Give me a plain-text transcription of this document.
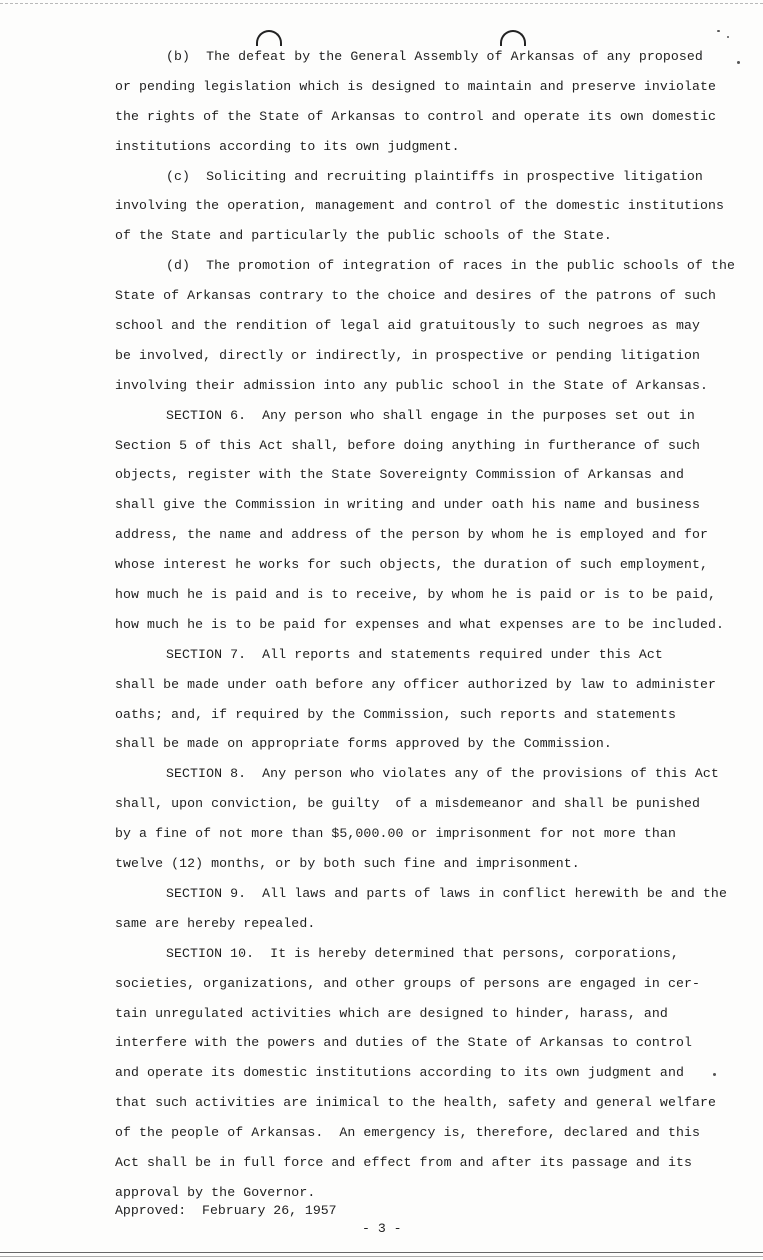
(b)  The defeat by the General Assembly of Arkansas of any proposed

or pending legislation which is designed to maintain and preserve inviolate

the rights of the State of Arkansas to control and operate its own domestic

institutions according to its own judgment.

(c)  Soliciting and recruiting plaintiffs in prospective litigation

involving the operation, management and control of the domestic institutions

of the State and particularly the public schools of the State.

(d)  The promotion of integration of races in the public schools of the

State of Arkansas contrary to the choice and desires of the patrons of such

school and the rendition of legal aid gratuitously to such negroes as may

be involved, directly or indirectly, in prospective or pending litigation

involving their admission into any public school in the State of Arkansas.

SECTION 6.  Any person who shall engage in the purposes set out in

Section 5 of this Act shall, before doing anything in furtherance of such

objects, register with the State Sovereignty Commission of Arkansas and

shall give the Commission in writing and under oath his name and business

address, the name and address of the person by whom he is employed and for

whose interest he works for such objects, the duration of such employment,

how much he is paid and is to receive, by whom he is paid or is to be paid,

how much he is to be paid for expenses and what expenses are to be included.

SECTION 7.  All reports and statements required under this Act

shall be made under oath before any officer authorized by law to administer

oaths; and, if required by the Commission, such reports and statements

shall be made on appropriate forms approved by the Commission.

SECTION 8.  Any person who violates any of the provisions of this Act

shall, upon conviction, be guilty  of a misdemeanor and shall be punished

by a fine of not more than $5,000.00 or imprisonment for not more than

twelve (12) months, or by both such fine and imprisonment.

SECTION 9.  All laws and parts of laws in conflict herewith be and the

same are hereby repealed.

SECTION 10.  It is hereby determined that persons, corporations,

societies, organizations, and other groups of persons are engaged in cer-

tain unregulated activities which are designed to hinder, harass, and

interfere with the powers and duties of the State of Arkansas to control

and operate its domestic institutions according to its own judgment and

that such activities are inimical to the health, safety and general welfare

of the people of Arkansas.  An emergency is, therefore, declared and this

Act shall be in full force and effect from and after its passage and its

approval by the Governor.

Approved:  February 26, 1957
- 3 -
